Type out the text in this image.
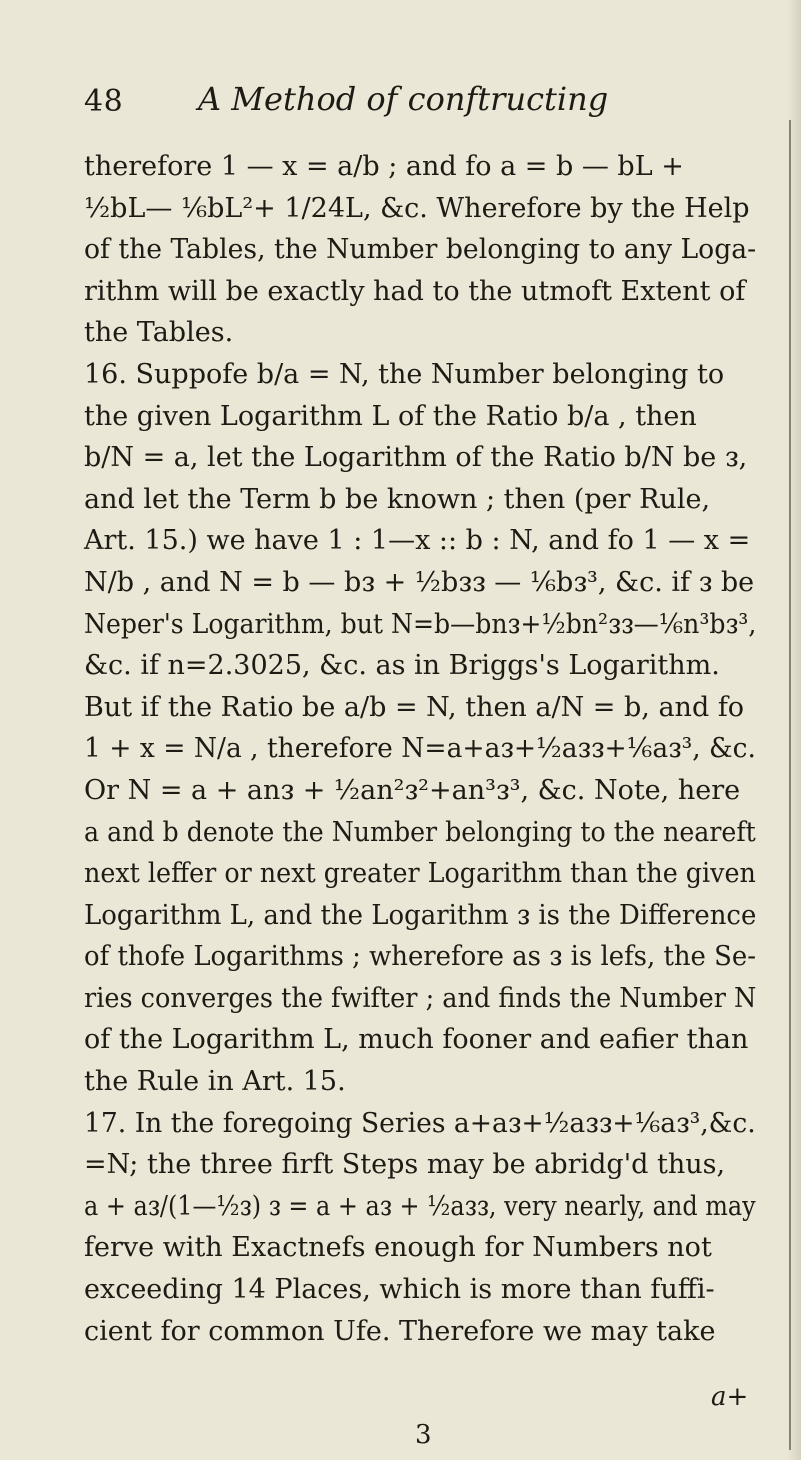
48 A Method of conftructing
therefore 1 — x = a/b ; and fo a = b — bL +
½bL— ⅙bL²+ 1/24L, &c. Wherefore by the Help
of the Tables, the Number belonging to any Loga-
rithm will be exactly had to the utmoft Extent of
the Tables.
16. Suppofe b/a = N, the Number belonging to
the given Logarithm L of the Ratio b/a , then
b/N = a, let the Logarithm of the Ratio b/N be ᴈ,
and let the Term b be known ; then (per Rule,
Art. 15.) we have 1 : 1—x :: b : N, and fo 1 — x =
N/b , and N = b — bᴈ + ½bᴈᴈ — ⅙bᴈ³, &c. if ᴈ be
Neper's Logarithm, but N=b—bnᴈ+½bn²ᴈᴈ—⅙n³bᴈ³,
&c. if n=2.3025, &c. as in Briggs's Logarithm.
But if the Ratio be a/b = N, then a/N = b, and fo
1 + x = N/a , therefore N=a+aᴈ+½aᴈᴈ+⅙aᴈ³, &c.
Or N = a + anᴈ + ½an²ᴈ²+an³ᴈ³, &c. Note, here
a and b denote the Number belonging to the neareft
next leffer or next greater Logarithm than the given
Logarithm L, and the Logarithm ᴈ is the Difference
of thofe Logarithms ; wherefore as ᴈ is lefs, the Se-
ries converges the fwifter ; and finds the Number N
of the Logarithm L, much fooner and eafier than
the Rule in Art. 15.
17. In the foregoing Series a+aᴈ+½aᴈᴈ+⅙aᴈ³,&c.
=N; the three firft Steps may be abridg'd thus,
a + aᴈ/(1—½ᴈ) ᴈ = a + aᴈ + ½aᴈᴈ, very nearly, and may
ferve with Exactnefs enough for Numbers not
exceeding 14 Places, which is more than fuffi-
cient for common Ufe. Therefore we may take
a+
3
